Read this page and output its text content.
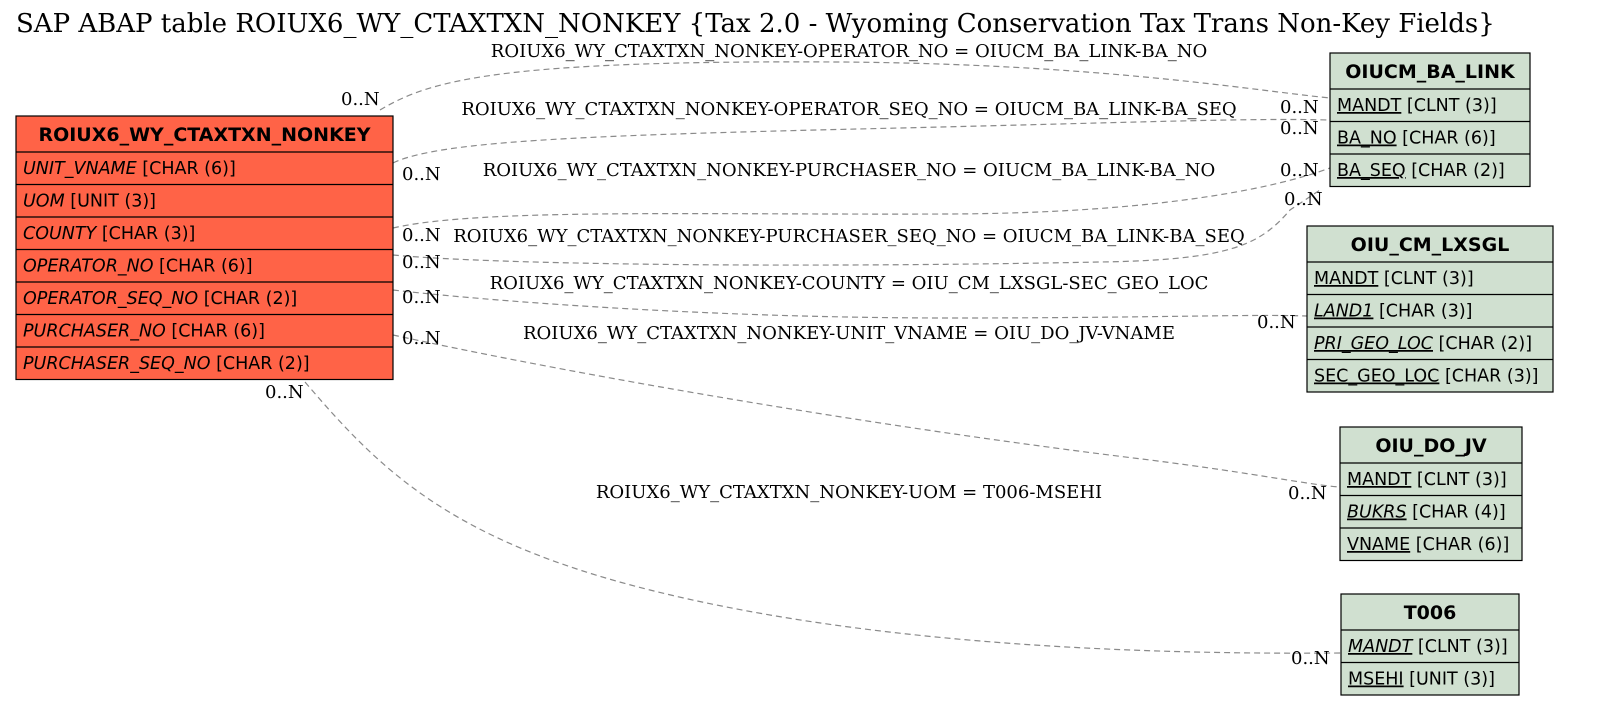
SAP ABAP table ROIUX6_WY_CTAXTXN_NONKEY {Tax 2.0 - Wyoming Conservation Tax Trans Non-Key Fields}
ROIUX6_WY_CTAXTXN_NONKEY-OPERATOR_NO = OIUCM_BA_LINK-BA_NO
ROIUX6_WY_CTAXTXN_NONKEY-OPERATOR_SEQ_NO = OIUCM_BA_LINK-BA_SEQ
ROIUX6_WY_CTAXTXN_NONKEY-PURCHASER_NO = OIUCM_BA_LINK-BA_NO
ROIUX6_WY_CTAXTXN_NONKEY-PURCHASER_SEQ_NO = OIUCM_BA_LINK-BA_SEQ
ROIUX6_WY_CTAXTXN_NONKEY-COUNTY = OIU_CM_LXSGL-SEC_GEO_LOC
ROIUX6_WY_CTAXTXN_NONKEY-UNIT_VNAME = OIU_DO_JV-VNAME
ROIUX6_WY_CTAXTXN_NONKEY-UOM = T006-MSEHI
0..N	0..N
0..N
0..N
0..N
0..N
0..N
0..N
0..N
0..N
0..N
0..N
0..N
0..N
ROIUX6_WY_CTAXTXN_NONKEY
UNIT_VNAME [CHAR (6)]
UOM [UNIT (3)]
COUNTY [CHAR (3)]
OPERATOR_NO [CHAR (6)]
OPERATOR_SEQ_NO [CHAR (2)]
PURCHASER_NO [CHAR (6)]
PURCHASER_SEQ_NO [CHAR (2)]
OIUCM_BA_LINK
MANDT [CLNT (3)]
BA_NO [CHAR (6)]
BA_SEQ [CHAR (2)]
OIU_CM_LXSGL
MANDT [CLNT (3)]
LAND1 [CHAR (3)]
PRI_GEO_LOC [CHAR (2)]
SEC_GEO_LOC [CHAR (3)]
OIU_DO_JV
MANDT [CLNT (3)]
BUKRS [CHAR (4)]
VNAME [CHAR (6)]
T006
MANDT [CLNT (3)]
MSEHI [UNIT (3)]
